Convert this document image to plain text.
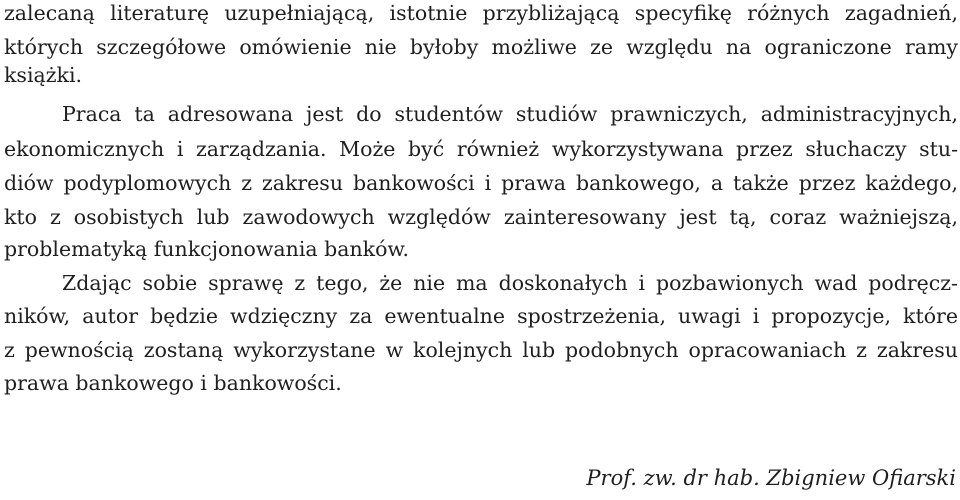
zalecaną literaturę uzupełniającą, istotnie przybliżającą specyfikę różnych zagadnień,
których szczegółowe omówienie nie byłoby możliwe ze względu na ograniczone ramy
książki.
Praca ta adresowana jest do studentów studiów prawniczych, administracyjnych,
ekonomicznych i zarządzania. Może być również wykorzystywana przez słuchaczy stu-
diów podyplomowych z zakresu bankowości i prawa bankowego, a także przez każdego,
kto z osobistych lub zawodowych względów zainteresowany jest tą, coraz ważniejszą,
problematyką funkcjonowania banków.
Zdając sobie sprawę z tego, że nie ma doskonałych i pozbawionych wad podręcz-
ników, autor będzie wdzięczny za ewentualne spostrzeżenia, uwagi i propozycje, które
z pewnością zostaną wykorzystane w kolejnych lub podobnych opracowaniach z zakresu
prawa bankowego i bankowości.
Prof. zw. dr hab. Zbigniew Ofiarski
